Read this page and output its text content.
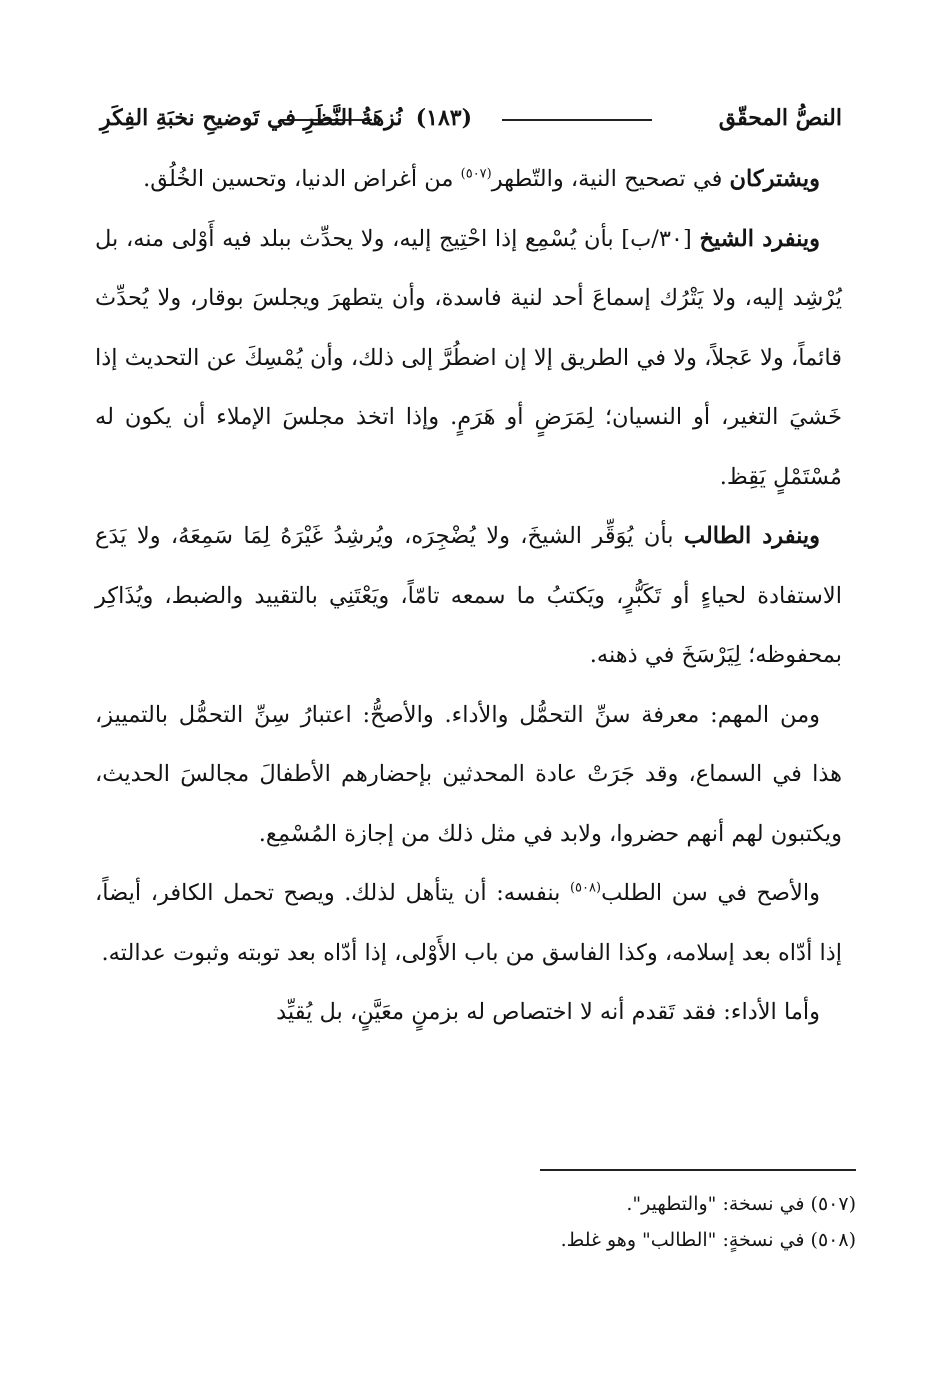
النصُّ المحقّق
(١٨٣)
نُزهَةُ النَّظَرِ في تَوضيحِ نخبَةِ الفِكَرِ

ويشتركان في تصحيح النية، والتّطهر$^{(٥٠٧)}$ من أغراض الدنيا، وتحسين الخُلُق.

وينفرد الشيخ [٣٠/ب] بأن يُسْمِع إذا احْتِيج إليه، ولا يحدِّث ببلد فيه أَوْلى منه، بل يُرْشِد إليه، ولا يَتْرُك إسماعَ أحد لنية فاسدة، وأن يتطهرَ ويجلسَ بوقار، ولا يُحدِّث قائماً، ولا عَجلاً، ولا في الطريق إلا إن اضطُرَّ إلى ذلك، وأن يُمْسِكَ عن التحديث إذا خَشيَ التغير، أو النسيان؛ لِمَرَضٍ أو هَرَمٍ. وإذا اتخذ مجلسَ الإملاء أن يكون له مُسْتَمْلٍ يَقِظ.

وينفرد الطالب بأن يُوَقِّر الشيخَ، ولا يُضْجِرَه، ويُرشِدُ غَيْرَهُ لِمَا سَمِعَهُ، ولا يَدَع الاستفادة لحياءٍ أو تَكَبُّرٍ، ويَكتبُ ما سمعه تامّاً، ويَعْتَنِي بالتقييد والضبط، ويُذَاكِر بمحفوظه؛ لِيَرْسَخَ في ذهنه.

ومن المهم: معرفة سنِّ التحمُّل والأداء. والأصحُّ: اعتبارُ سِنِّ التحمُّل بالتمييز، هذا في السماع، وقد جَرَتْ عادة المحدثين بإحضارهم الأطفالَ مجالسَ الحديث، ويكتبون لهم أنهم حضروا، ولابد في مثل ذلك من إجازة المُسْمِع.

والأصح في سن الطلب$^{(٥٠٨)}$ بنفسه: أن يتأهل لذلك. ويصح تحمل الكافر، أيضاً، إذا أدّاه بعد إسلامه، وكذا الفاسق من باب الأَوْلى، إذا أدّاه بعد توبته وثبوت عدالته.

وأما الأداء: فقد تَقدم أنه لا اختصاص له بزمنٍ معَيَّنٍ، بل يُقيِّد

(٥٠٧) في نسخة: "والتطهير".

(٥٠٨) في نسخةٍ: "الطالب" وهو غلط.
